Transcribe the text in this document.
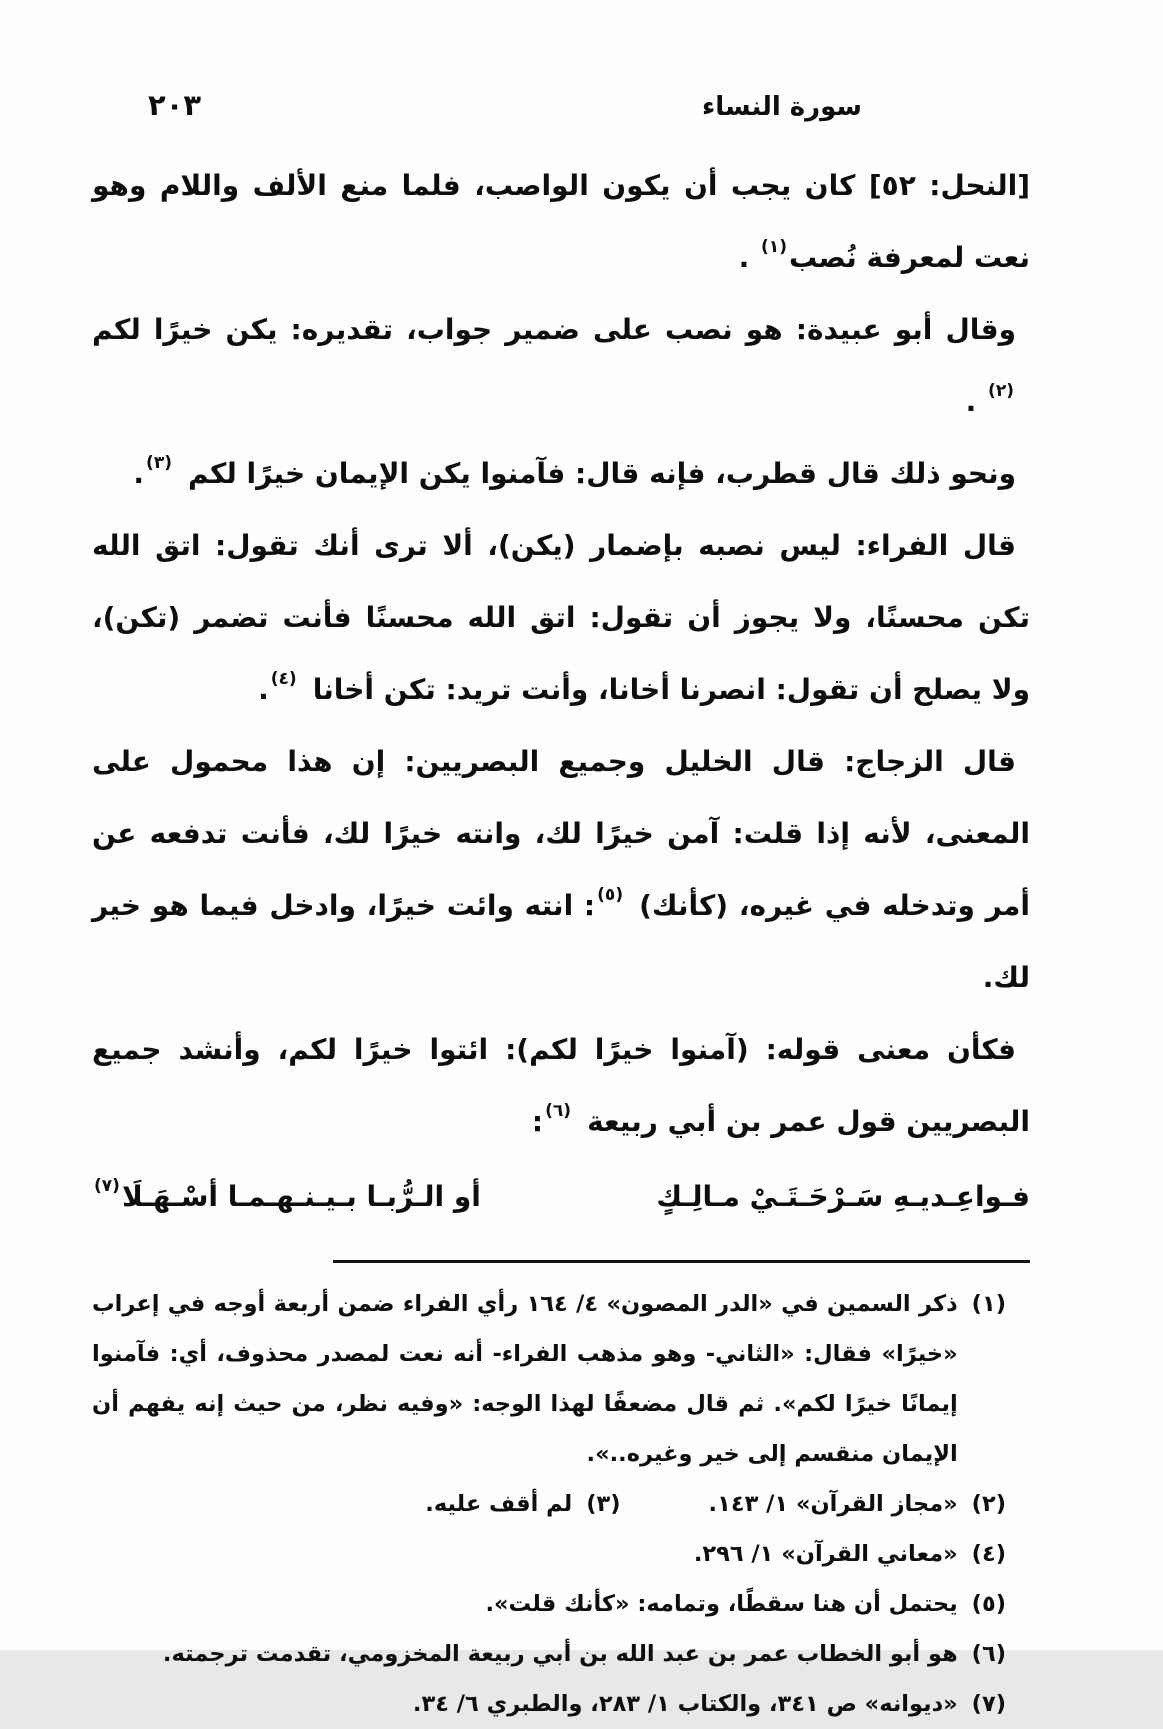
سورة النساء
٢٠٣
[النحل: ٥٢] كان يجب أن يكون الواصب، فلما منع الألف واللام وهو نعت لمعرفة نُصب(١) .
وقال أبو عبيدة: هو نصب على ضمير جواب، تقديره: يكن خيرًا لكم(٢) .
ونحو ذلك قال قطرب، فإنه قال: فآمنوا يكن الإيمان خيرًا لكم(٣).
قال الفراء: ليس نصبه بإضمار (يكن)، ألا ترى أنك تقول: اتق الله تكن محسنًا، ولا يجوز أن تقول: اتق الله محسنًا فأنت تضمر (تكن)، ولا يصلح أن تقول: انصرنا أخانا، وأنت تريد: تكن أخانا(٤).
قال الزجاج: قال الخليل وجميع البصريين: إن هذا محمول على المعنى، لأنه إذا قلت: آمن خيرًا لك، وانته خيرًا لك، فأنت تدفعه عن أمر وتدخله في غيره، (كأنك)(٥): انته وائت خيرًا، وادخل فيما هو خير لك.
فكأن معنى قوله: (آمنوا خيرًا لكم): ائتوا خيرًا لكم، وأنشد جميع البصريين قول عمر بن أبي ربيعة(٦):
فـواعِـديـهِ سَـرْحَـتَـيْ مـالِـكٍ
أو الـرُّبـا بـيـنـهـمـا أسْـهَـلَا(٧)
(١)
ذكر السمين في «الدر المصون» ٤/ ١٦٤ رأي الفراء ضمن أربعة أوجه في إعراب «خيرًا» فقال: «الثاني- وهو مذهب الفراء- أنه نعت لمصدر محذوف، أي: فآمنوا إيمانًا خيرًا لكم». ثم قال مضعفًا لهذا الوجه: «وفيه نظر، من حيث إنه يفهم أن الإيمان منقسم إلى خير وغيره..».
(٢)
«مجاز القرآن» ١/ ١٤٣.
(٣)
لم أقف عليه.
(٤)
«معاني القرآن» ١/ ٢٩٦.
(٥)
يحتمل أن هنا سقطًا، وتمامه: «كأنك قلت».
(٦)
هو أبو الخطاب عمر بن عبد الله بن أبي ربيعة المخزومي، تقدمت ترجمته.
(٧)
«ديوانه» ص ٣٤١، والكتاب ١/ ٢٨٣، والطبري ٦/ ٣٤.
